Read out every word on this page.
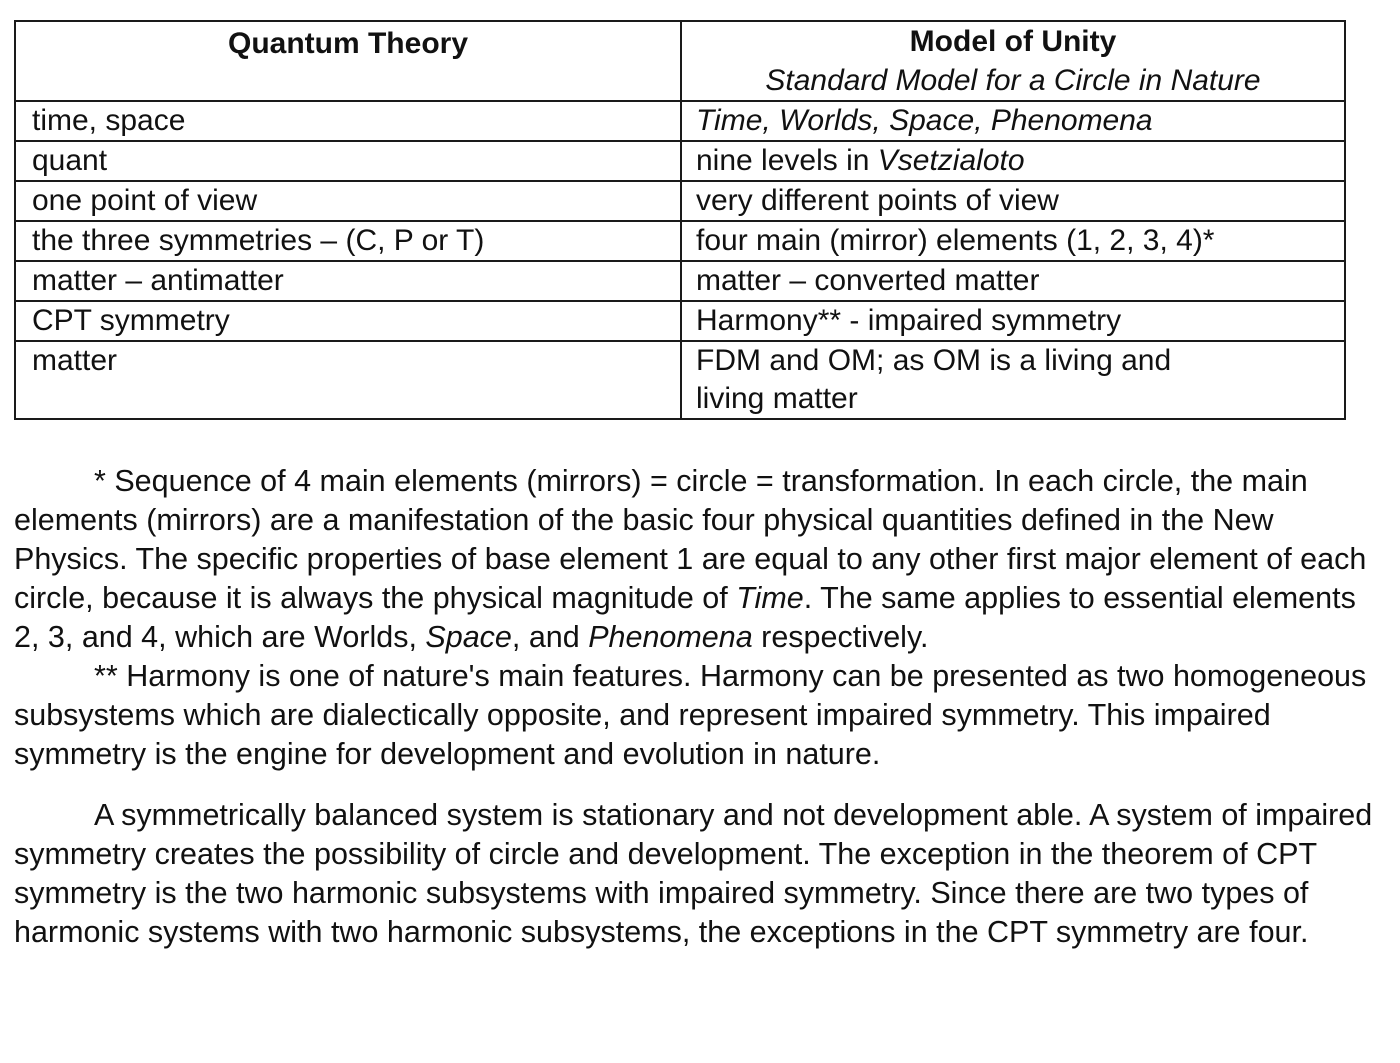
Quantum Theory	Model of Unity
Standard Model for a Circle in Nature

time, space	Time, Worlds, Space, Phenomena
quant	nine levels in Vsetzialoto
one point of view	very different points of view
the three symmetries – (C, P or T)	four main (mirror) elements (1, 2, 3, 4)*
matter – antimatter	matter – converted matter
CPT symmetry	Harmony** - impaired symmetry
matter	FDM and OM; as OM is a living and
living matter

* Sequence of 4 main elements (mirrors) = circle = transformation. In each circle, the main elements (mirrors) are a manifestation of the basic four physical quantities defined in the New Physics. The specific properties of base element 1 are equal to any other first major element of each circle, because it is always the physical magnitude of Time. The same applies to essential elements 2, 3, and 4, which are Worlds, Space, and Phenomena respectively.

** Harmony is one of nature's main features. Harmony can be presented as two homogeneous subsystems which are dialectically opposite, and represent impaired symmetry. This impaired symmetry is the engine for development and evolution in nature.

A symmetrically balanced system is stationary and not development able. A system of impaired symmetry creates the possibility of circle and development. The exception in the theorem of CPT symmetry is the two harmonic subsystems with impaired symmetry. Since there are two types of harmonic systems with two harmonic subsystems, the exceptions in the CPT symmetry are four.
